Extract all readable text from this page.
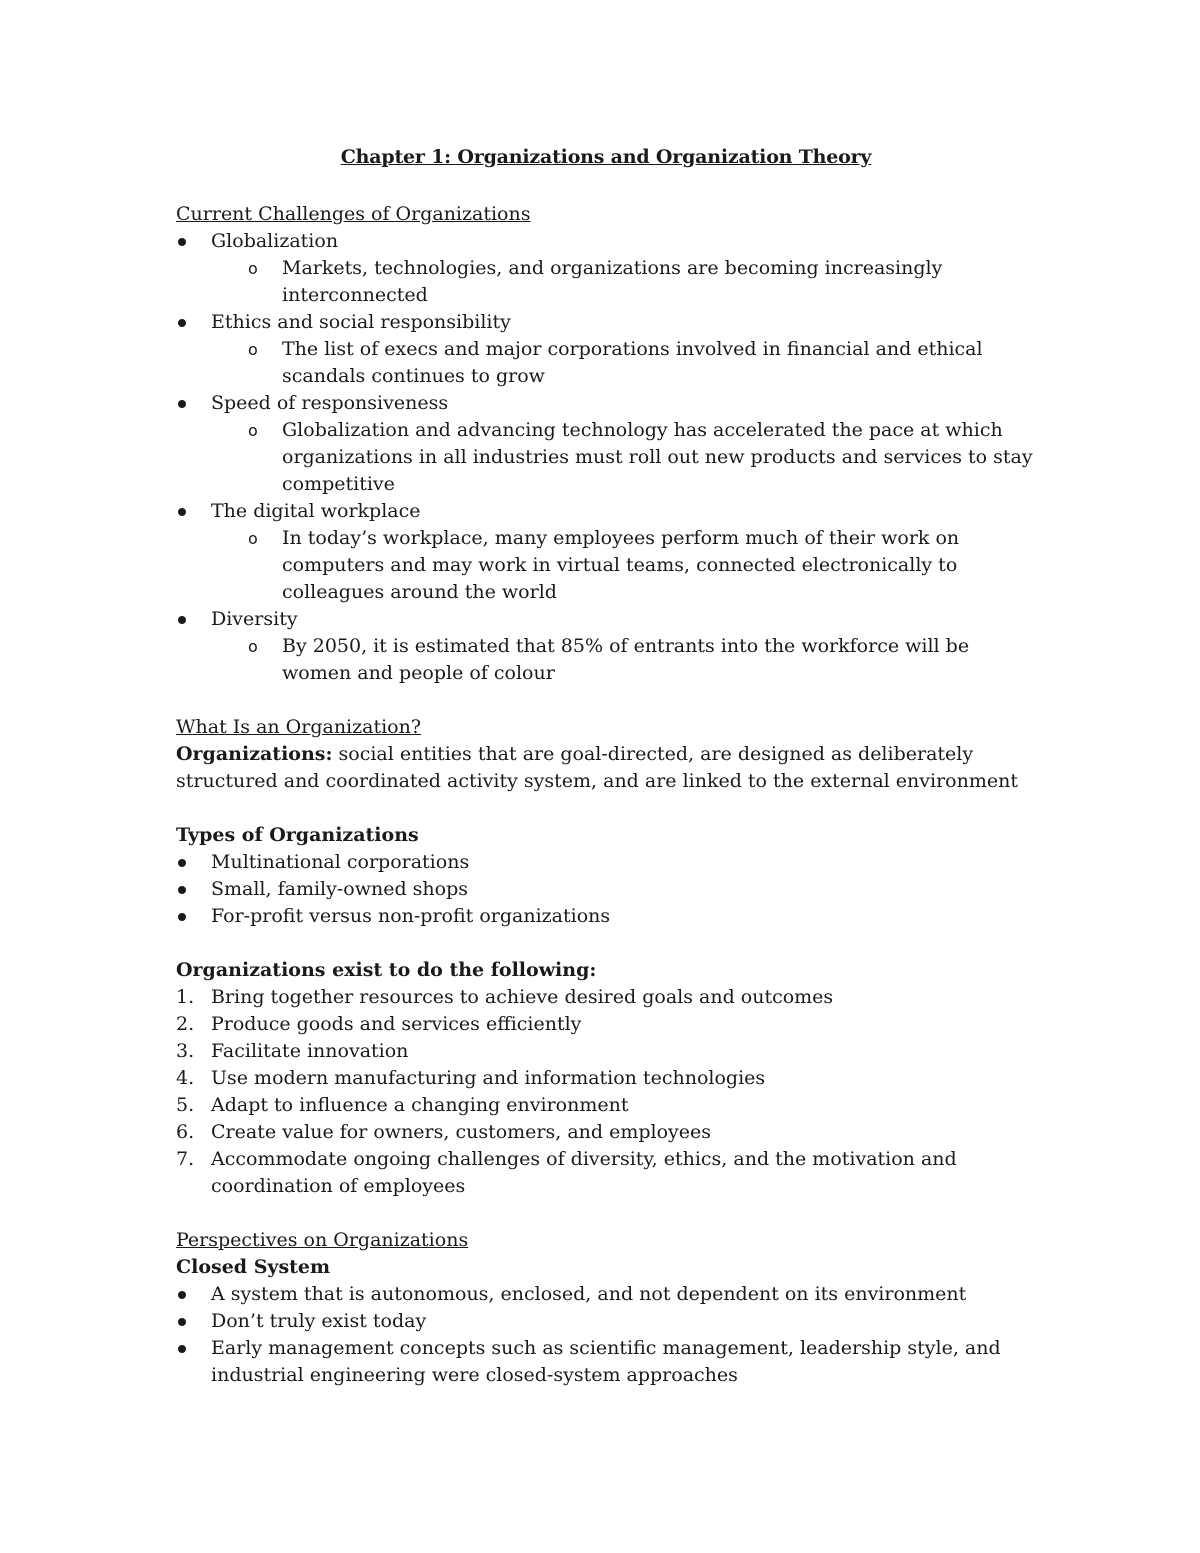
Chapter 1: Organizations and Organization Theory

Current Challenges of Organizations

Globalization
o Markets, technologies, and organizations are becoming increasingly interconnected
Ethics and social responsibility
o The list of execs and major corporations involved in financial and ethical scandals continues to grow
Speed of responsiveness
o Globalization and advancing technology has accelerated the pace at which organizations in all industries must roll out new products and services to stay competitive
The digital workplace
o In today’s workplace, many employees perform much of their work on computers and may work in virtual teams, connected electronically to colleagues around the world
Diversity
o By 2050, it is estimated that 85% of entrants into the workforce will be women and people of colour

What Is an Organization?

Organizations: social entities that are goal-directed, are designed as deliberately structured and coordinated activity system, and are linked to the external environment

Types of Organizations

Multinational corporations
Small, family-owned shops
For-profit versus non-profit organizations

Organizations exist to do the following:

1. Bring together resources to achieve desired goals and outcomes
2. Produce goods and services efficiently
3. Facilitate innovation
4. Use modern manufacturing and information technologies
5. Adapt to influence a changing environment
6. Create value for owners, customers, and employees
7. Accommodate ongoing challenges of diversity, ethics, and the motivation and coordination of employees

Perspectives on Organizations

Closed System

A system that is autonomous, enclosed, and not dependent on its environment
Don’t truly exist today
Early management concepts such as scientific management, leadership style, and industrial engineering were closed-system approaches
